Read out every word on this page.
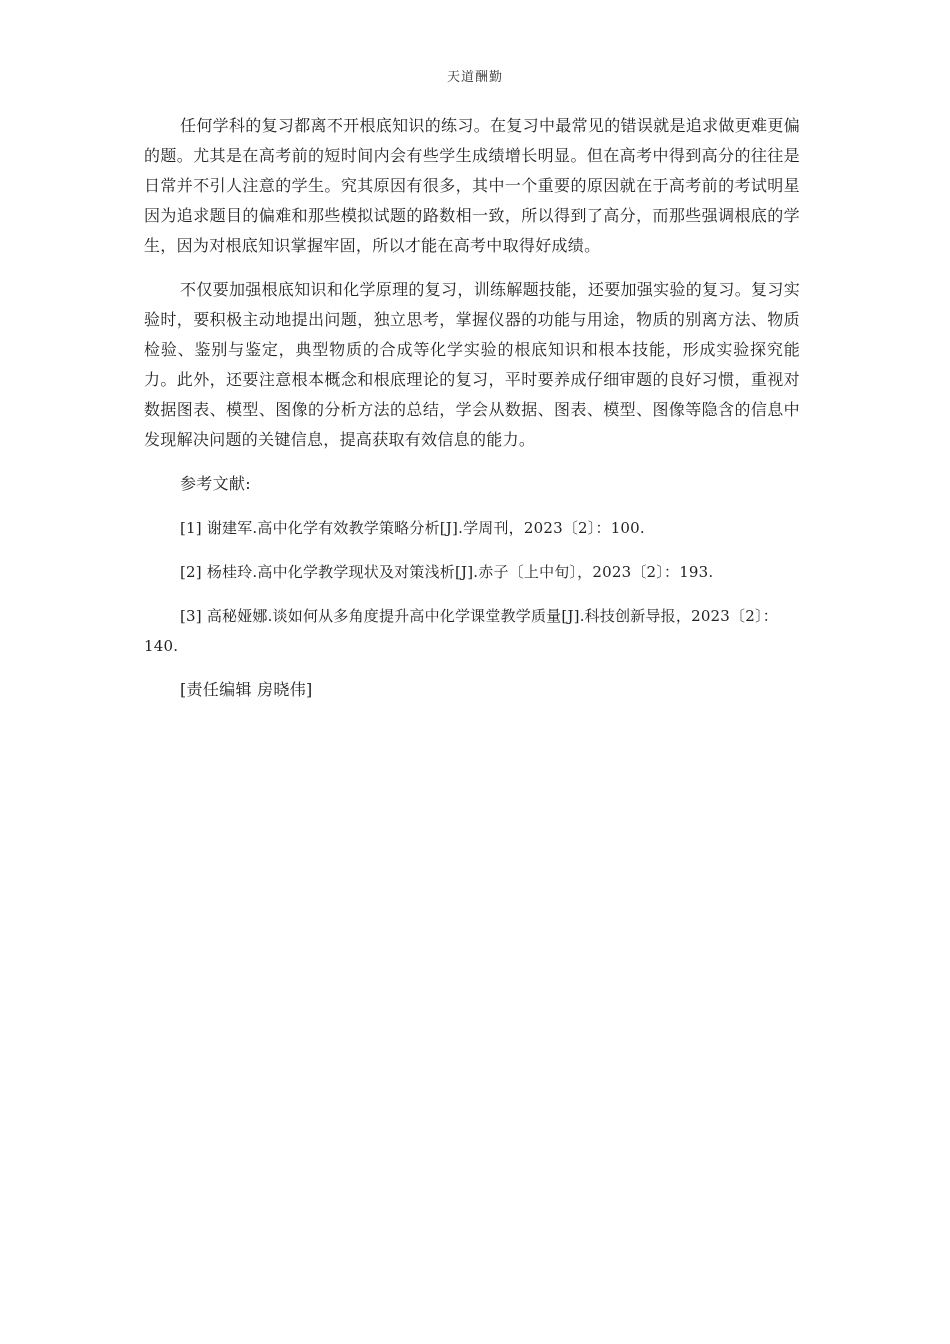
天道酬勤

任何学科的复习都离不开根底知识的练习。在复习中最常见的错误就是追求做更难更偏的题。尤其是在高考前的短时间内会有些学生成绩增长明显。但在高考中得到高分的往往是日常并不引人注意的学生。究其原因有很多，其中一个重要的原因就在于高考前的考试明星因为追求题目的偏难和那些模拟试题的路数相一致，所以得到了高分，而那些强调根底的学生，因为对根底知识掌握牢固，所以才能在高考中取得好成绩。

不仅要加强根底知识和化学原理的复习，训练解题技能，还要加强实验的复习。复习实验时，要积极主动地提出问题，独立思考，掌握仪器的功能与用途，物质的别离方法、物质检验、鉴别与鉴定，典型物质的合成等化学实验的根底知识和根本技能，形成实验探究能力。此外，还要注意根本概念和根底理论的复习，平时要养成仔细审题的良好习惯，重视对数据图表、模型、图像的分析方法的总结，学会从数据、图表、模型、图像等隐含的信息中发现解决问题的关键信息，提高获取有效信息的能力。

参考文献:

[1] 谢建军.高中化学有效教学策略分析[J].学周刊，2023〔2〕：100.

[2] 杨桂玲.高中化学教学现状及对策浅析[J].赤子〔上中旬〕，2023〔2〕：193.

[3] 高秘娅娜.谈如何从多角度提升高中化学课堂教学质量[J].科技创新导报，2023〔2〕：140.

[责任编辑 房晓伟]
